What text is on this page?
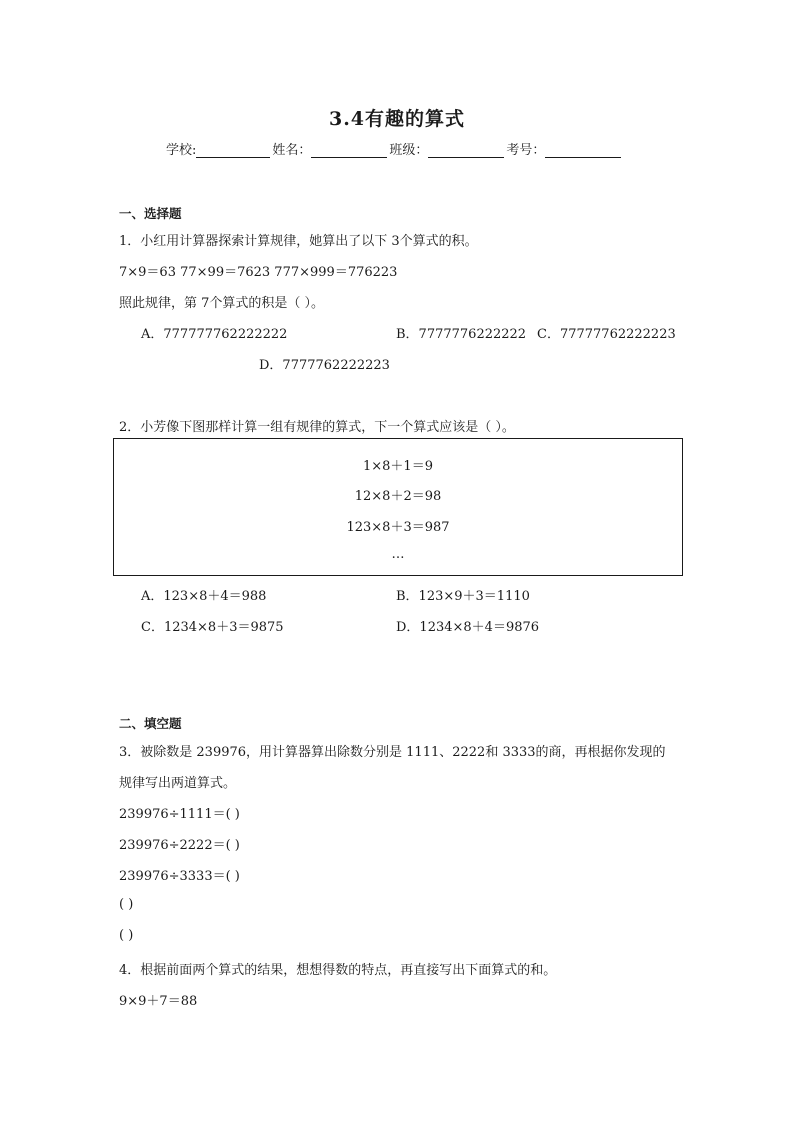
3.4有趣的算式
学校:	姓名：	班级：	考号：
一、选择题
1．小红用计算器探索计算规律，她算出了以下 3个算式的积。
7×9＝63 77×99＝7623 777×999＝776223
照此规律，第 7个算式的积是（ ）。
A．777777762222222	B．7777776222222 C．77777762222223
D．7777762222223
2．小芳像下图那样计算一组有规律的算式，下一个算式应该是（ ）。
1×8＋1＝9
12×8＋2＝98
123×8＋3＝987
…
A．123×8＋4＝988	B．123×9＋3＝1110
C．1234×8＋3＝9875	D．1234×8＋4＝9876
二、填空题
3．被除数是 239976，用计算器算出除数分别是 1111、2222和 3333的商，再根据你发现的
规律写出两道算式。
239976÷1111＝( )
239976÷2222＝( )
239976÷3333＝( )
( )
( )
4．根据前面两个算式的结果，想想得数的特点，再直接写出下面算式的和。
9×9＋7＝88
